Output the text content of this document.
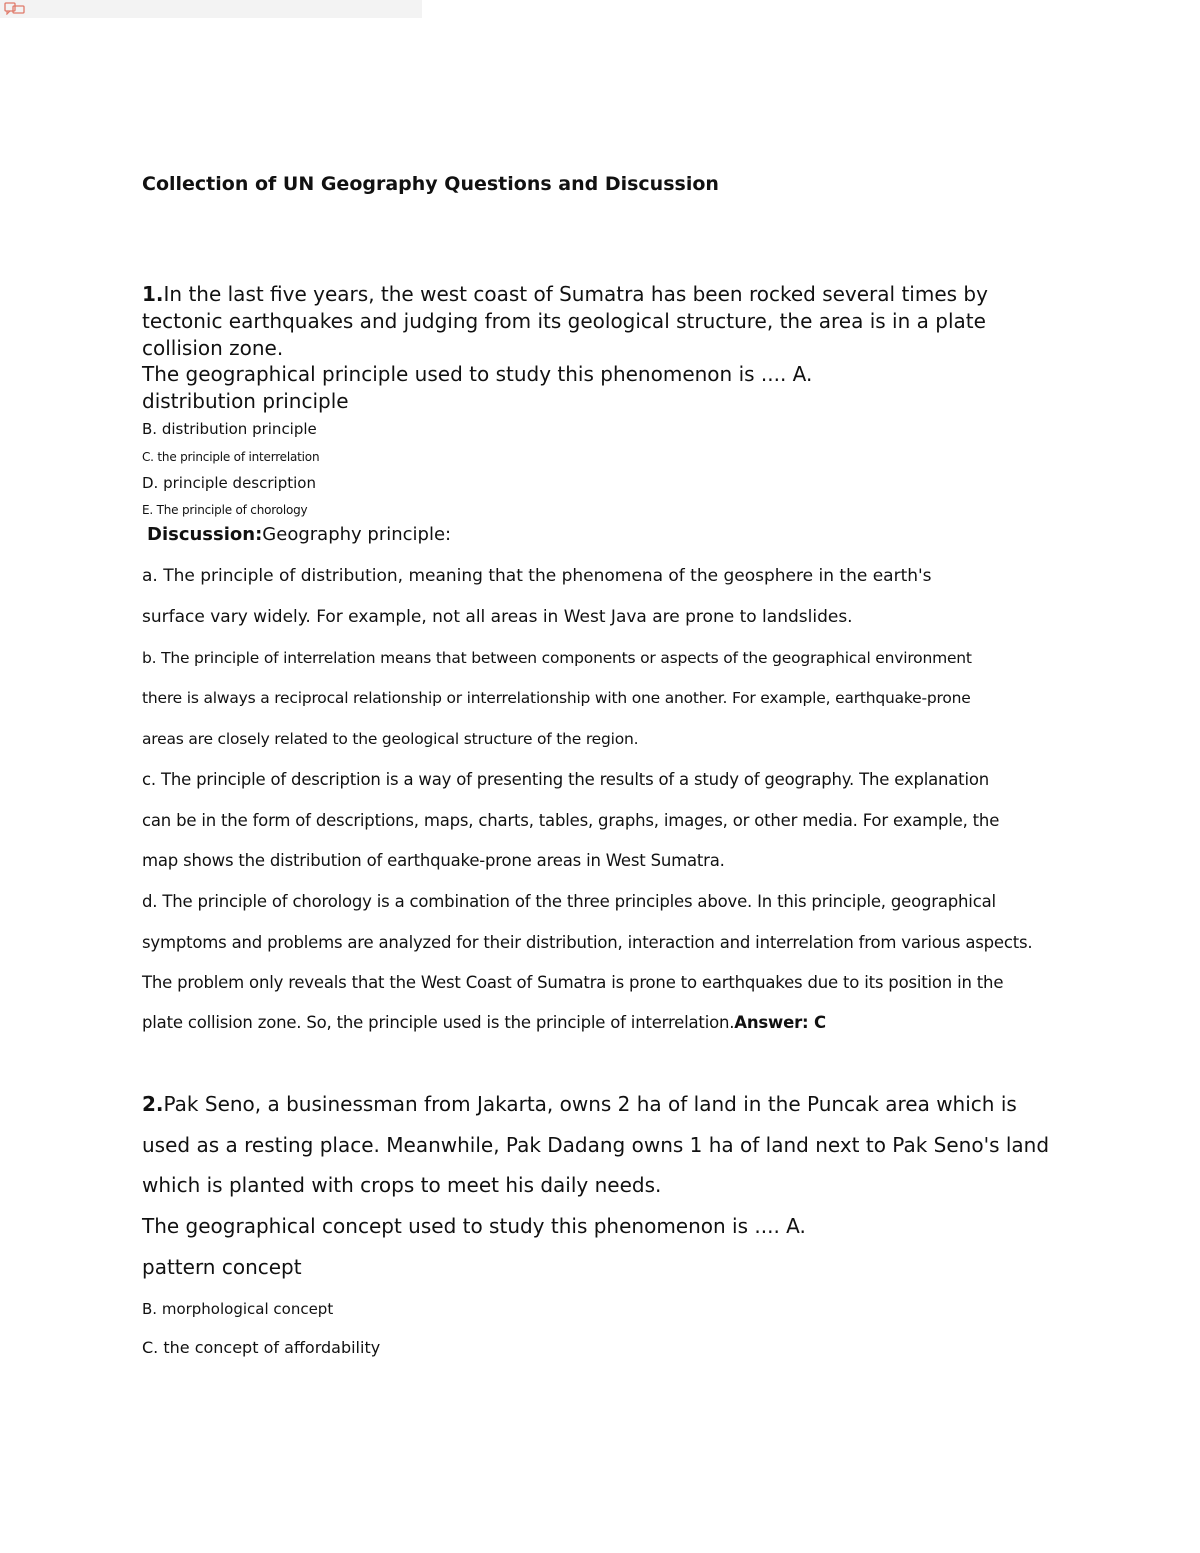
Collection of UN Geography Questions and Discussion
1.In the last five years, the west coast of Sumatra has been rocked several times by
tectonic earthquakes and judging from its geological structure, the area is in a plate
collision zone.
The geographical principle used to study this phenomenon is .... A.
distribution principle
B. distribution principle
C. the principle of interrelation
D. principle description
E. The principle of chorology
Discussion:Geography principle:
a. The principle of distribution, meaning that the phenomena of the geosphere in the earth's
surface vary widely. For example, not all areas in West Java are prone to landslides.
b. The principle of interrelation means that between components or aspects of the geographical environment
there is always a reciprocal relationship or interrelationship with one another. For example, earthquake-prone
areas are closely related to the geological structure of the region.
c. The principle of description is a way of presenting the results of a study of geography. The explanation
can be in the form of descriptions, maps, charts, tables, graphs, images, or other media. For example, the
map shows the distribution of earthquake-prone areas in West Sumatra.
d. The principle of chorology is a combination of the three principles above. In this principle, geographical
symptoms and problems are analyzed for their distribution, interaction and interrelation from various aspects.
The problem only reveals that the West Coast of Sumatra is prone to earthquakes due to its position in the
plate collision zone. So, the principle used is the principle of interrelation.Answer: C
2.Pak Seno, a businessman from Jakarta, owns 2 ha of land in the Puncak area which is
used as a resting place. Meanwhile, Pak Dadang owns 1 ha of land next to Pak Seno's land
which is planted with crops to meet his daily needs.
The geographical concept used to study this phenomenon is .... A.
pattern concept
B. morphological concept
C. the concept of affordability
